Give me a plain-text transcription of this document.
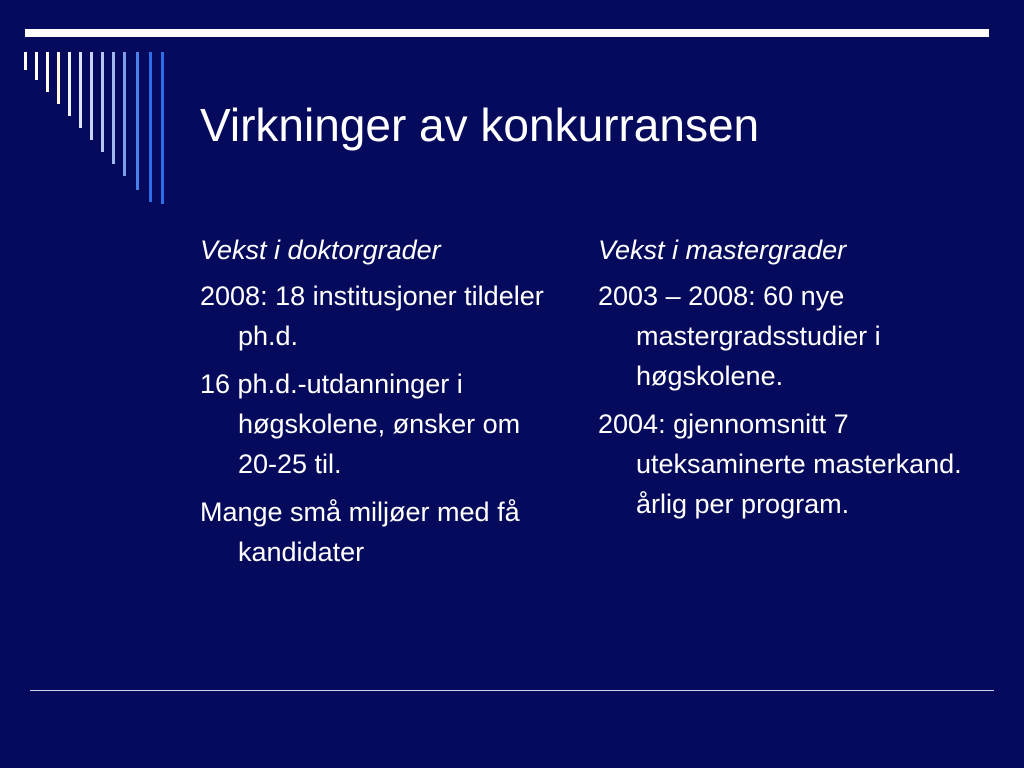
Virkninger av konkurransen

Vekst i doktorgrader

2008: 18 institusjoner tildeler ph.d.

16 ph.d.-utdanninger i høgskolene, ønsker om 20-25 til.

Mange små miljøer med få kandidater

Vekst i mastergrader

2003 – 2008: 60 nye mastergradsstudier i høgskolene.

2004: gjennomsnitt 7 uteksaminerte masterkand. årlig per program.
